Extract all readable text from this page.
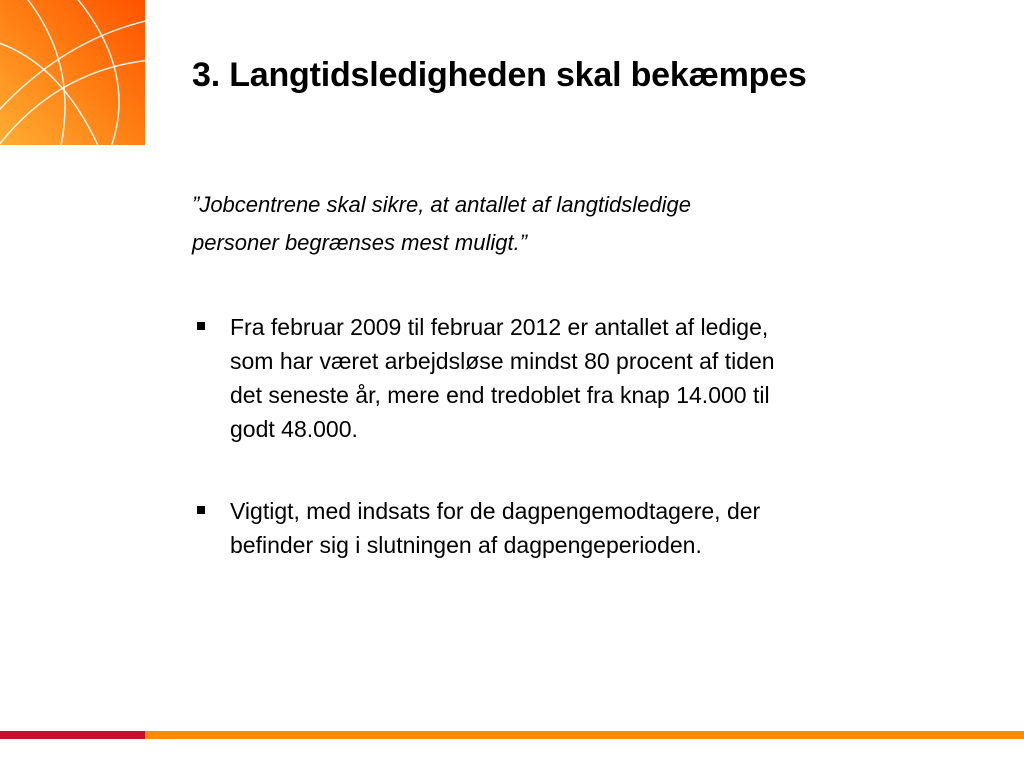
3. Langtidsledigheden skal bekæmpes

”Jobcentrene skal sikre, at antallet af langtidsledige
personer begrænses mest muligt.”

Fra februar 2009 til februar 2012 er antallet af ledige,
som har været arbejdsløse mindst 80 procent af tiden
det seneste år, mere end tredoblet fra knap 14.000 til
godt 48.000.
Vigtigt, med indsats for de dagpengemodtagere, der
befinder sig i slutningen af dagpengeperioden.
